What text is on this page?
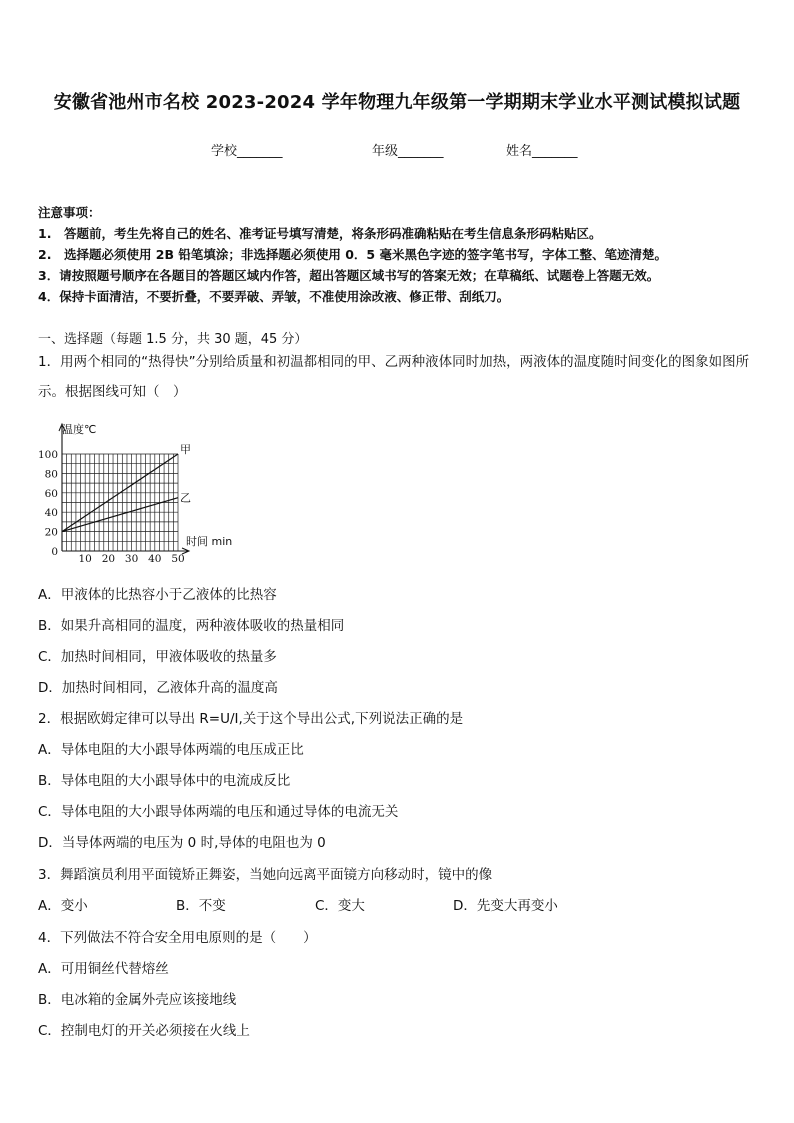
安徽省池州市名校 2023-2024 学年物理九年级第一学期期末学业水平测试模拟试题
学校_______	年级_______	姓名_______
注意事项：
1.　答题前，考生先将自己的姓名、准考证号填写清楚，将条形码准确粘贴在考生信息条形码粘贴区。
2.　选择题必须使用 2B 铅笔填涂；非选择题必须使用 0．5 毫米黑色字迹的签字笔书写，字体工整、笔迹清楚。
3．请按照题号顺序在各题目的答题区域内作答，超出答题区域书写的答案无效；在草稿纸、试题卷上答题无效。
4．保持卡面清洁，不要折叠，不要弄破、弄皱，不准使用涂改液、修正带、刮纸刀。
一、选择题（每题 1.5 分，共 30 题，45 分）
1．用两个相同的“热得快”分别给质量和初温都相同的甲、乙两种液体同时加热，两液体的温度随时间变化的图象如图所示。根据图线可知（　）
0
20
40
60
80
100
10 20 30 40 50
甲
乙
温度℃
时间 min
A．甲液体的比热容小于乙液体的比热容
B．如果升高相同的温度，两种液体吸收的热量相同
C．加热时间相同，甲液体吸收的热量多
D．加热时间相同，乙液体升高的温度高
2．根据欧姆定律可以导出 R=U/I,关于这个导出公式,下列说法正确的是
A．导体电阻的大小跟导体两端的电压成正比
B．导体电阻的大小跟导体中的电流成反比
C．导体电阻的大小跟导体两端的电压和通过导体的电流无关
D．当导体两端的电压为 0 时,导体的电阻也为 0
3．舞蹈演员利用平面镜矫正舞姿，当她向远离平面镜方向移动时，镜中的像
A．变小	B．不变	C．变大	D．先变大再变小
4．下列做法不符合安全用电原则的是（　　）
A．可用铜丝代替熔丝
B．电冰箱的金属外壳应该接地线
C．控制电灯的开关必须接在火线上
